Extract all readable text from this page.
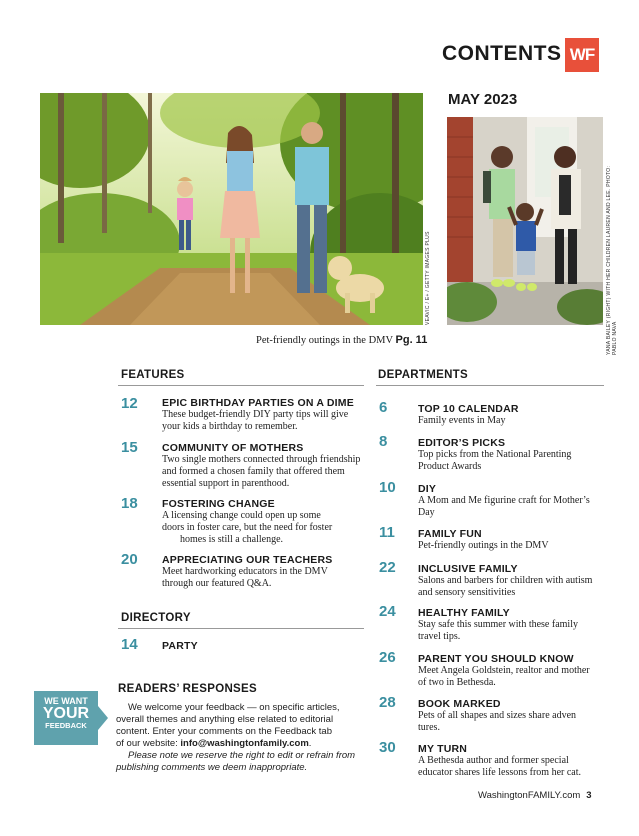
CONTENTS WF
MAY 2023
VEAVIC / E+ / GETTY IMAGES PLUS	YANA BAILEY (RIGHT) WITH HER CHILDREN LAUREN AND LEE. PHOTO: PABLO NAVA
Pet-friendly outings in the DMV Pg. 11
FEATURES
12 EPIC BIRTHDAY PARTIES ON A DIME
These budget-friendly DIY party tips will give
your kids a birthday to remember.
15 COMMUNITY OF MOTHERS
Two single mothers connected through friendship
and formed a chosen family that offered them
essential support in parenthood.
18 FOSTERING CHANGE
A licensing change could open up some
doors in foster care, but the need for foster
homes is still a challenge.
20 APPRECIATING OUR TEACHERS
Meet hardworking educators in the DMV
through our featured Q&A.
DIRECTORY
14 PARTY
READERS’ RESPONSES
WE WANT
YOUR
FEEDBACK
We welcome your feedback — on specific articles,
overall themes and anything else related to editorial
content. Enter your comments on the Feedback tab
of our website: info@washingtonfamily.com.
Please note we reserve the right to edit or refrain from
publishing comments we deem inappropriate.
DEPARTMENTS
6	TOP 10 CALENDAR
Family events in May
8	EDITOR’S PICKS
Top picks from the National Parenting
Product Awards
10 DIY
A Mom and Me figurine craft for Mother’s
Day
11 FAMILY FUN
Pet-friendly outings in the DMV
22 INCLUSIVE FAMILY
Salons and barbers for children with autism
and sensory sensitivities
24 HEALTHY FAMILY
Stay safe this summer with these family
travel tips.
26 PARENT YOU SHOULD KNOW
Meet Angela Goldstein, realtor and mother
of two in Bethesda.
28 BOOK MARKED
Pets of all shapes and sizes share adven
tures.
30 MY TURN
A Bethesda author and former special
educator shares life lessons from her cat.
WashingtonFAMILY.com 3
